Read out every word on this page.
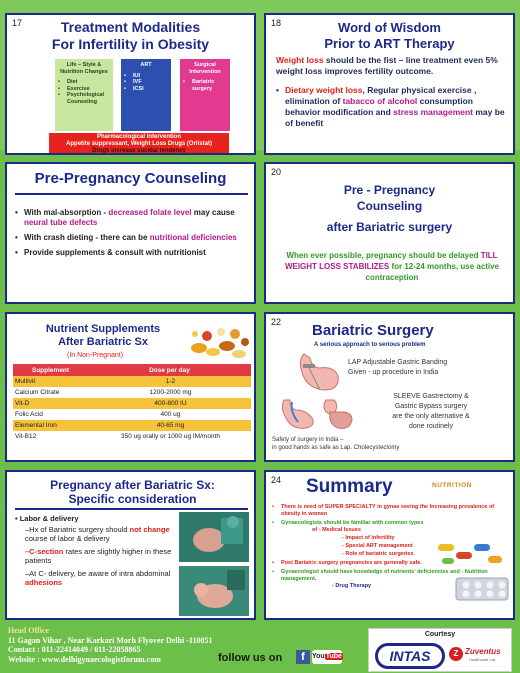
17	Treatment Modalities
For Infertility in Obesity
Life – Style & Nutrition Changes
• Diet
• Exercise
• Psychological Counseling
ART
• IUI
• IVF
• ICSI
Surgical Intervention
• Bariatric surgery
Pharmacological Intervention
Appetite suppressant, Weight Loss Drugs (Orlistat)
Drugs increase sucidal tendency
18	Word of Wisdom
Prior to ART Therapy
Weight loss should be the fist – line treatment even 5% weight loss improves fertility outcome.
• Dietary weight loss, Regular physical exercise , elimination of tabacco of alcohol consumption behavior modification and stress management may be of benefit
Pre-Pregnancy Counseling
• With mal-absorption - decreased folate level may cause neural tube defects
• With crash dieting - there can be nutritional deficiencies
• Provide supplements & consult with nutritionist
20
Pre - Pregnancy
Counseling
after Bariatric surgery
When ever possible, pregnancy should be delayed TILL WEIGHT LOSS STABILIZES for 12-24 months, use active contraception
Nutrient Supplements
After Bariatric Sx
(In Non-Pregnant)
Supplement	Dose per day
Multivit	1-2
Calcium Citrate	1200-2000 mg
Vit-D	400-800 IU
Folic Acid	400 ug
Elemental Iron	40-65 mg
Vit-B12	350 ug orally or 1000 ug IM/month
22 Bariatric Surgery
A serious approach to serious problem
LAP Adjustable Gastric Banding
Given - up procedure in India
SLEEVE Gastrectomy &
Gastric Bypass surgery
are the only alternative &
done routinely
Safety of surgery in India –
in good hands as safe as Lap. Cholecystectomy
Pregnancy after Bariatric Sx:
Specific consideration
• Labor & delivery
–Hx of Bariatric surgery should not change course of labor & delivery
–C-section rates are slightly higher in these patients
–At C- delivery, be aware of intra abdominal adhesions
24 Summary	NUTRITION
• There is need of SUPER SPECIALTY in gynae seeing the Increasing prevalence of obesity in women
• Gynaecologists should be familiar with common types
of - Medical Issues
- Impact of infertility
- Special ART management
- Role of bariatric surgeries
• Post Bariatric surgery pregnancies are generally safe.
• Gynaecologist should have knowledge of nutrients' deficiencies and - Nutrition management.
- Drug Therapy
Head Office
11 Gagan Vihar , Near Karkari Morh Flyover Delhi -110051
Contact : 011-22414049 / 011-22058865
Website : www.delhigynaecologistforum.com	follow us on	f	YouTube
Courtesy
INTAS	Z Zuventus
Healthcare Ltd.
